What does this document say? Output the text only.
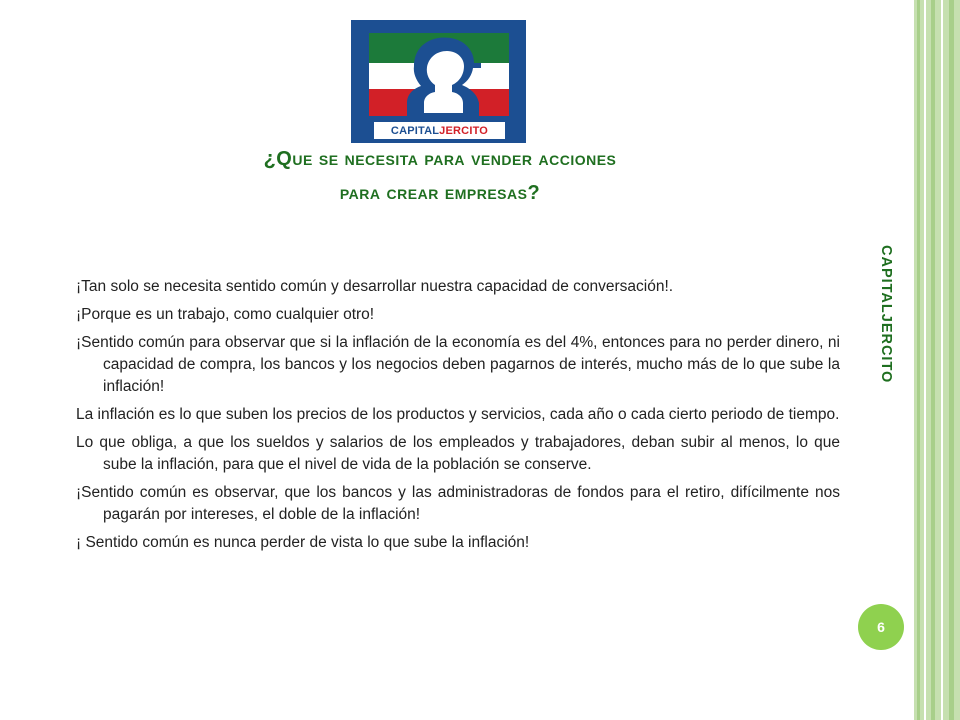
CAPITAL JERCITO
¿Que se necesita para vender acciones
para crear empresas?

¡Tan solo se necesita sentido común y desarrollar nuestra capacidad de conversación!.

¡Porque es un trabajo, como cualquier otro!

¡Sentido común para observar que si la inflación de la economía es del 4%, entonces para no perder dinero, ni capacidad de compra, los bancos y los negocios deben pagarnos de interés, mucho más de lo que sube la inflación!

La inflación es lo que suben los precios de los productos y servicios, cada año o cada cierto periodo de tiempo.

Lo que obliga, a que los sueldos y salarios de los empleados y trabajadores, deban subir al menos, lo que sube la inflación, para que el nivel de vida de la población se conserve.

¡Sentido común es observar, que los bancos y las administradoras de fondos para el retiro, difícilmente nos pagarán por intereses, el doble de la inflación!

¡ Sentido común es nunca perder de vista lo que sube la inflación!

CAPITALJERCITO
6
